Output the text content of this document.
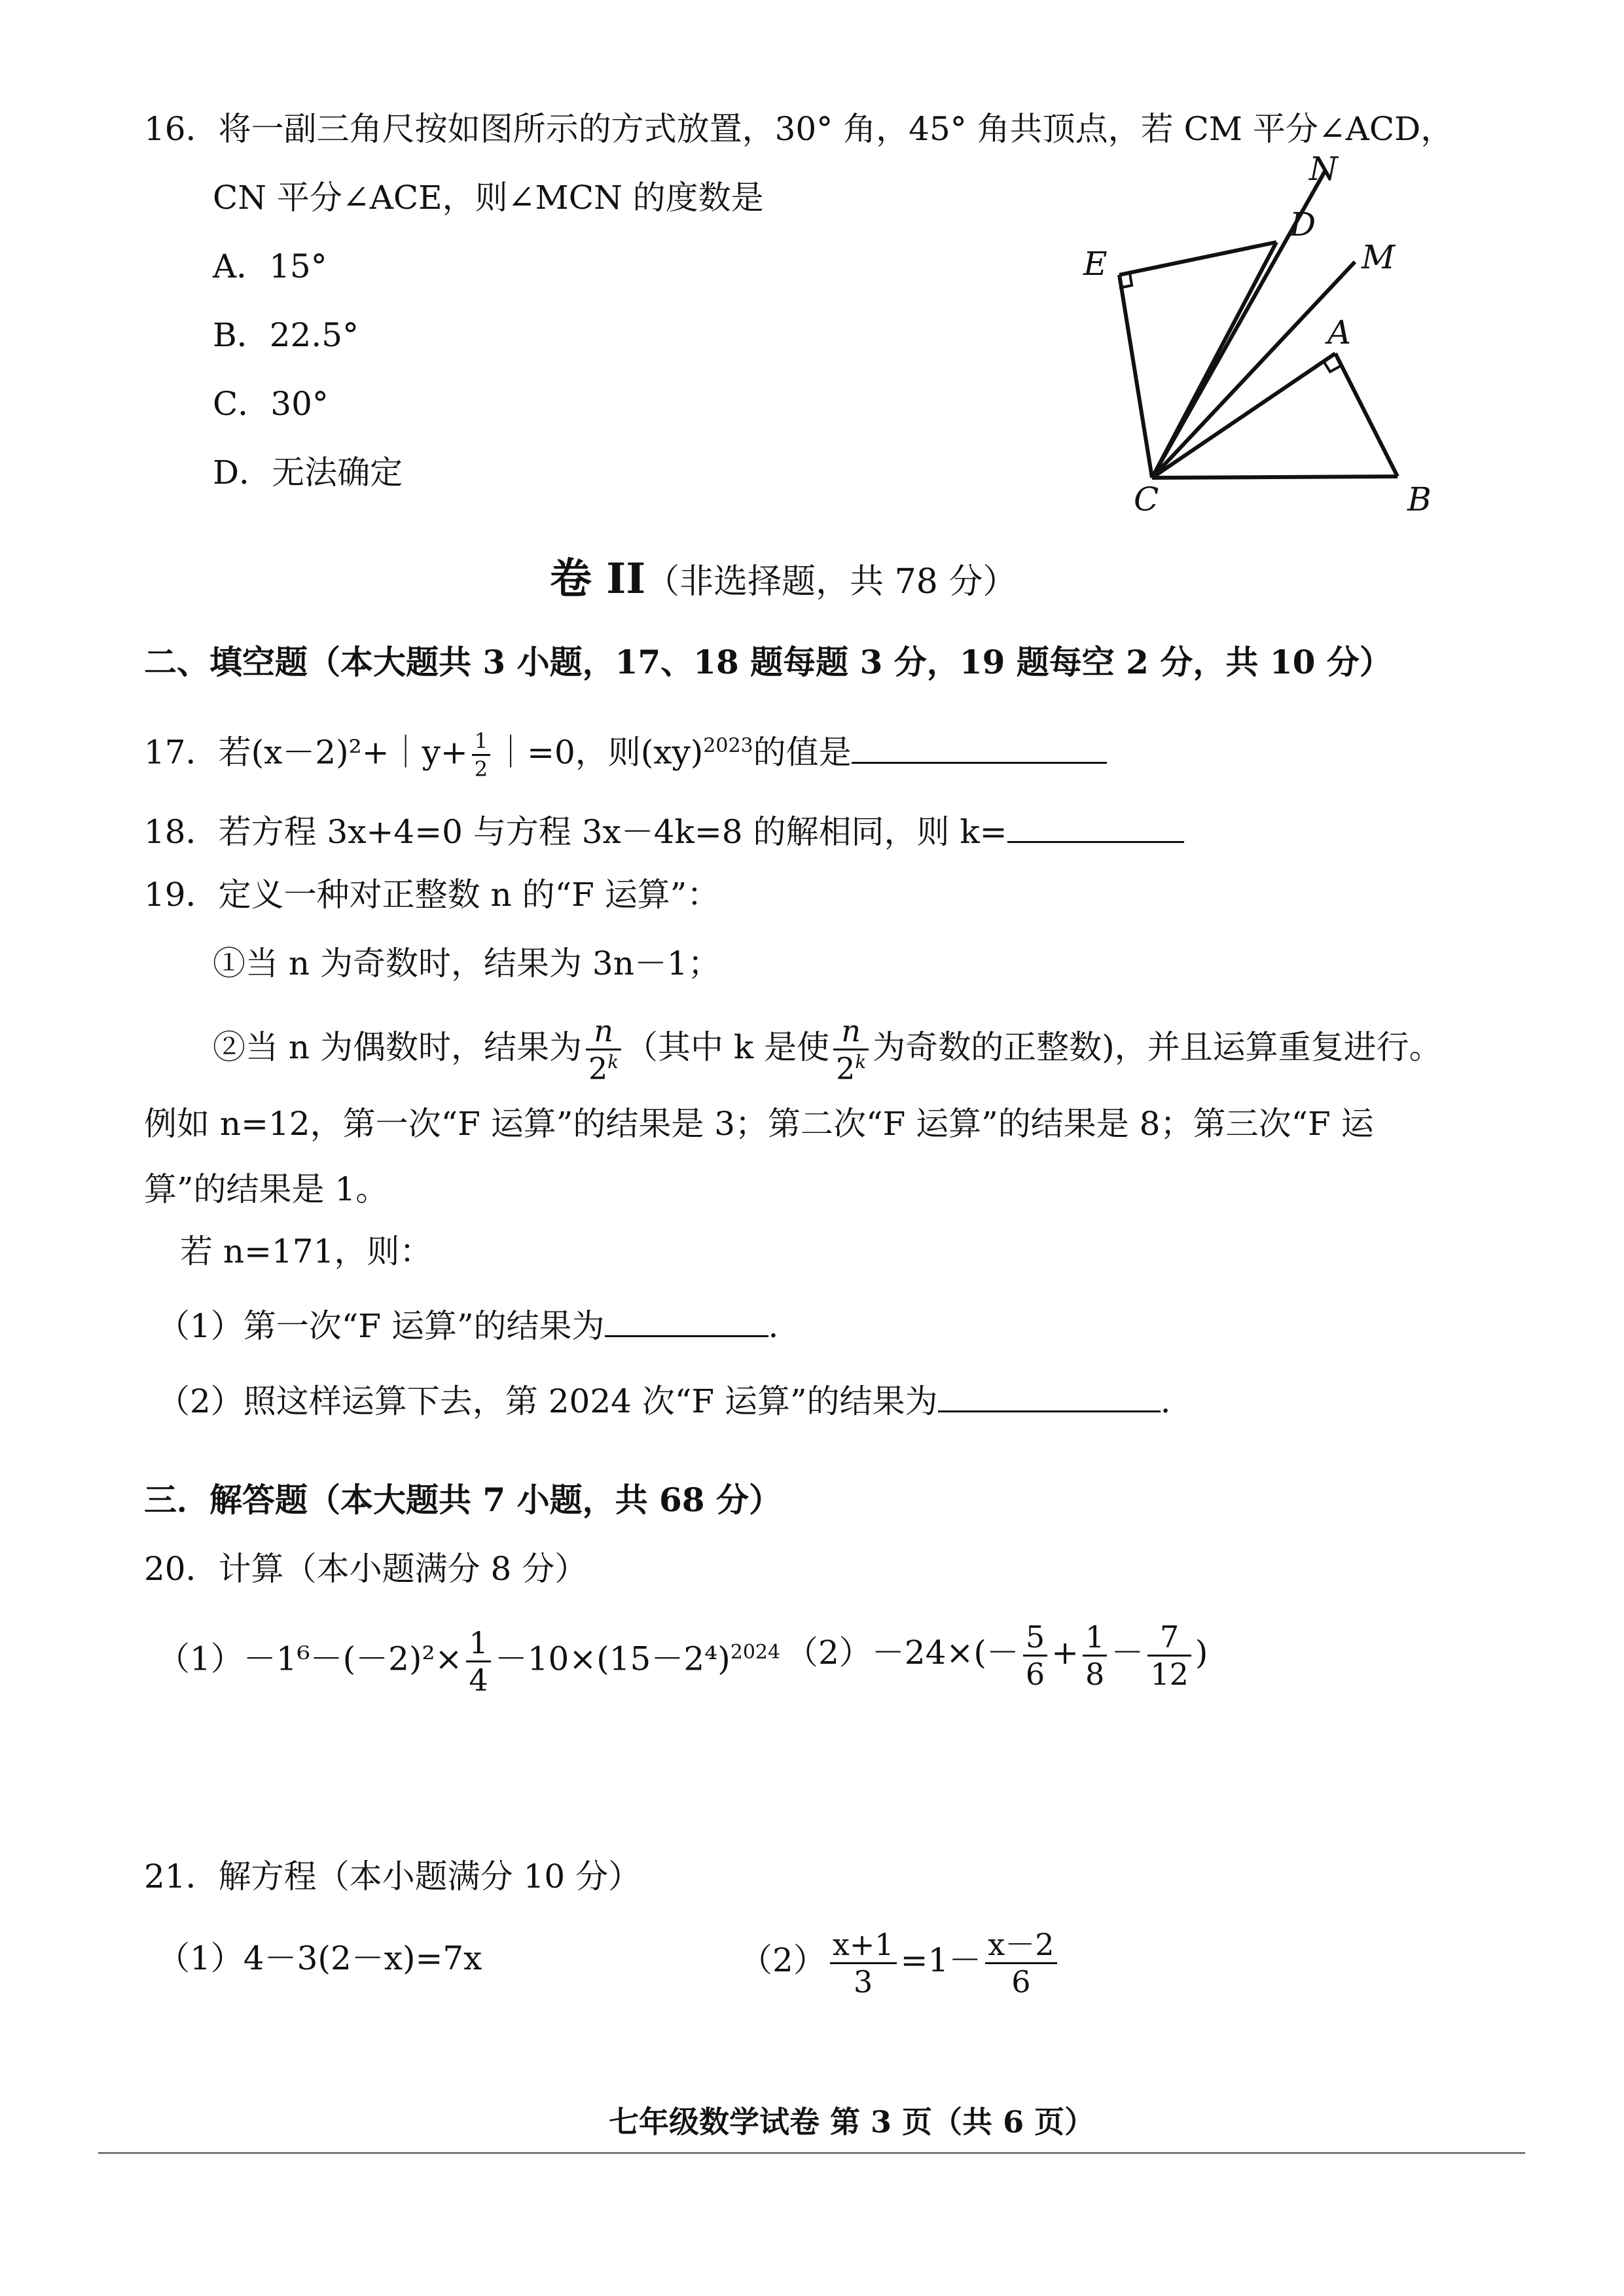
16．将一副三角尺按如图所示的方式放置，30° 角，45° 角共顶点，若 CM 平分∠ACD，
CN 平分∠ACE，则∠MCN 的度数是
A．15°
B．22.5°
C．30°
D．无法确定
N
D
M
E
A
C	B
卷 II（非选择题，共 78 分）
二、填空题（本大题共 3 小题，17、18 题每题 3 分，19 题每空 2 分，共 10 分）
17．若(x－2)²+｜y+ $\frac{1}{2}$ ｜=0，则(xy)$^{2023}$的值是
18．若方程 3x+4=0 与方程 3x－4k=8 的解相同，则 k=
19．定义一种对正整数 n 的“F 运算”：
①当 n 为奇数时，结果为 3n－1；
②当 n 为偶数时，结果为 $\frac{n}{2^k}$ （其中 k 是使 $\frac{n}{2^k}$ 为奇数的正整数)，并且运算重复进行。
例如 n=12，第一次“F 运算”的结果是 3；第二次“F 运算”的结果是 8；第三次“F 运
算”的结果是 1。
若 n=171，则：
（1）第一次“F 运算”的结果为	.
（2）照这样运算下去，第 2024 次“F 运算”的结果为	.
三．解答题（本大题共 7 小题，共 68 分）
20．计算（本小题满分 8 分）
$(1)-1^6-(-2)^2\times \frac{1}{4} -10\times(15-2^4)^{2024}$ $(2)-24\times(- \frac{5}{6} + \frac{1}{8} - \frac{7}{12}$ )
21．解方程（本小题满分 10 分）
（1）4－3(2－x)=7x	$(2) \frac{x+1}{3} =1- \frac{x-2}{6}$
七年级数学试卷 第 3 页（共 6 页）
